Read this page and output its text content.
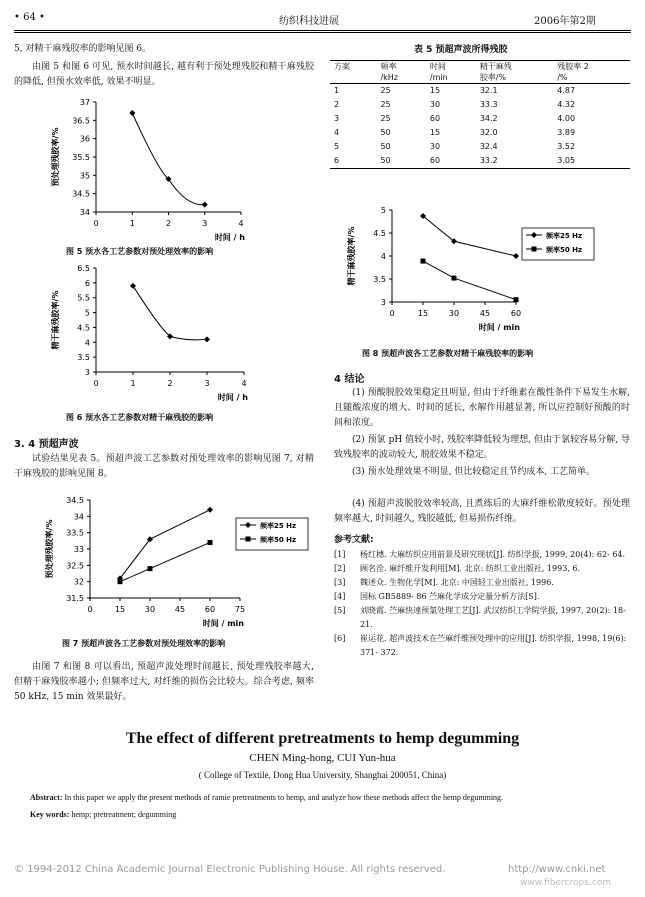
• 64 •	纺织科技进展	2006年第2期
5, 对精干麻残胶率的影响见图 6。
由图 5 和图 6 可见, 预水时间越长, 越有利于预处理残胶和精干麻残胶的降低, 但预水效率低, 效果不明显。
34
34.5
35
35.5
36
36.5
37
0	1	2	3	4
时间 / h
预处理残胶率/%
图 5 预水各工艺参数对预处理效率的影响
3
3.5
4
4.5
5
5.5
6
6.5
0	1	2	3	4
时间 / h
精干麻残胶率/%
图 6 预水各工艺参数对精干麻残胶的影响
3. 4 预超声波
试验结果见表 5。预超声波工艺参数对预处理效率的影响见图 7, 对精干麻残胶的影响见图 8。
31.5
32
32.5
33
33.5
34
34.5
0	15 30 45 60 75
时间 / min
预处理残胶率/%	频率25 Hz
频率50 Hz
图 7 预超声波各工艺参数对预处理效率的影响
由图 7 和图 8 可以看出, 预超声波处理时间越长, 预处理残胶率越大, 但精干麻残胶率越小; 但频率过大, 对纤维的损伤会比较大。综合考虑, 频率 50 kHz, 15 min 效果最好。
表 5 预超声波所得残胶
方案	频率	时间	精干麻残	残胶率 2
	/kHz	/min	胶率/%	/%
1	25	15	32.1	4.87
2	25	30	33.3	4.32
3	25	60	34.2	4.00
4	50	15	32.0	3.89
5	50	30	32.4	3.52
6	50	60	33.2	3.05
3
3.5
4
4.5
5
0	15	30	45	60
时间 / min
精干麻残胶率/%	频率25 Hz
频率50 Hz
图 8 预超声波各工艺参数对精干麻残胶率的影响
4 结论
(1) 预酸脱胶效果稳定且明显, 但由于纤维素在酸性条件下易发生水解, 且随酸浓度的增大、时间的延长, 水解作用越显著, 所以应控制好预酸的时间和浓度。
(2) 预氯 pH 值较小时, 残胶率降低较为理想, 但由于氯较容易分解, 导致残胶率的波动较大, 脱胶效果不稳定。
(3) 预水处理效果不明显, 但比较稳定且节约成本, 工艺简单。
(4) 预超声波脱胶效率较高, 且煮练后的大麻纤维松散度较好。预处理频率越大, 时间越久, 残胶越低, 但易损伤纤维。
参考文献:
[1]	杨红穗. 大麻纺织应用前景及研究现状[J]. 纺织学报, 1999, 20(4): 62- 64.
[2]	顾名洤. 麻纤维开发利用[M]. 北京: 纺织工业出版社, 1993, 6.
[3]	魏述众. 生物化学[M]. 北京: 中国轻工业出版社, 1996.
[4]	国标 GB5889- 86 苎麻化学成分定量分析方法[S].
[5]	刘晓霞. 苎麻快速预氯处理工艺[J]. 武汉纺织工学院学报, 1997, 20(2): 18- 21.
[6]	崔运花. 超声波技术在苎麻纤维预处理中的应用[J]. 纺织学报, 1998, 19(6): 371- 372.
The effect of different pretreatments to hemp degumming
CHEN Ming-hong, CUI Yun-hua
( College of Textile, Dong Hua University, Shanghai 200051, China)
Abstract: In this paper we apply the present methods of ramie pretreatments to hemp, and analyze how these methods affect the hemp degumming.
Key words: hemp; pretreatment; degumming
© 1994-2012 China Academic Journal Electronic Publishing House. All rights reserved.	http://www.cnki.net
www.fibercrops.com
